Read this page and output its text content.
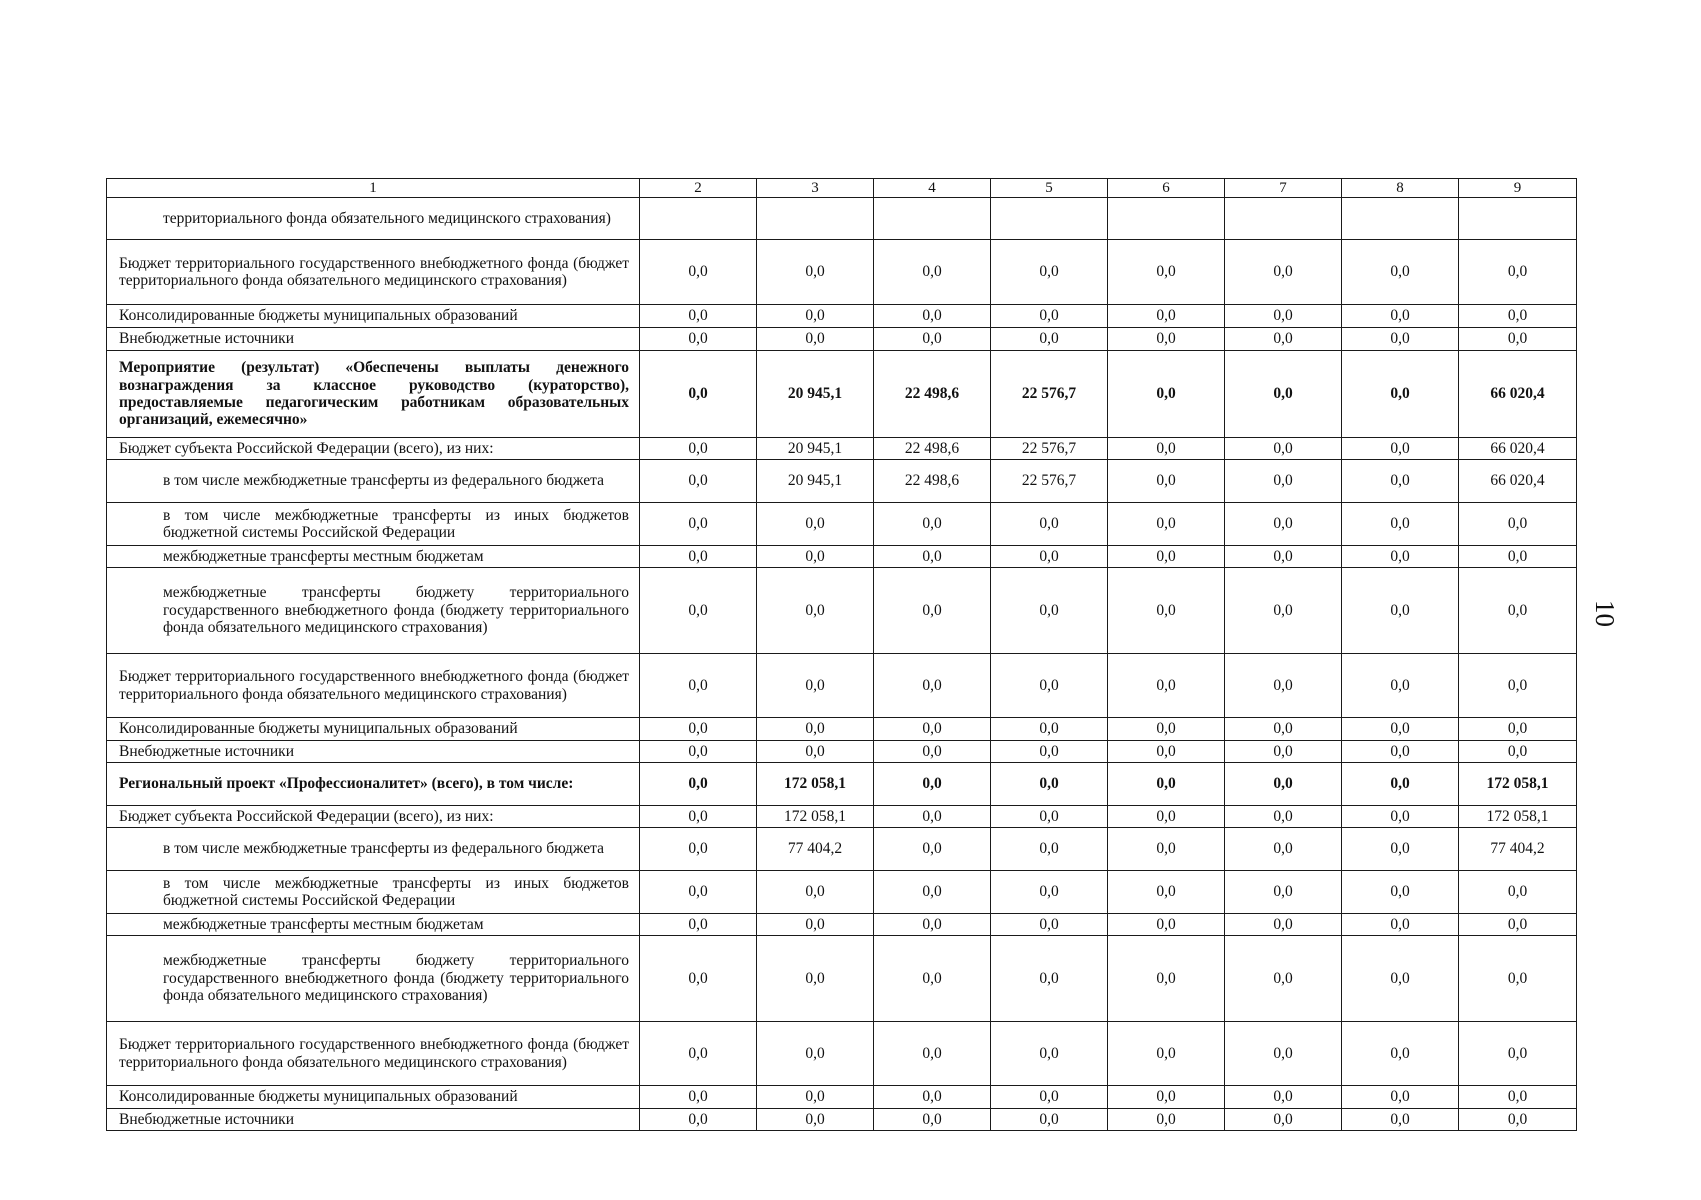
10
1	2	3	4	5	6	7	8	9
территориального фонда обязательного медицинского страхования)								
Бюджет территориального государственного внебюджетного фонда (бюджет территориального фонда обязательного медицинского страхования)	0,0	0,0	0,0	0,0	0,0	0,0	0,0	0,0
Консолидированные бюджеты муниципальных образований	0,0	0,0	0,0	0,0	0,0	0,0	0,0	0,0
Внебюджетные источники	0,0	0,0	0,0	0,0	0,0	0,0	0,0	0,0
Мероприятие (результат) «Обеспечены выплаты денежного вознаграждения за классное руководство (кураторство), предоставляемые педагогическим работникам образовательных организаций, ежемесячно»	0,0	20 945,1	22 498,6	22 576,7	0,0	0,0	0,0	66 020,4
Бюджет субъекта Российской Федерации (всего), из них:	0,0	20 945,1	22 498,6	22 576,7	0,0	0,0	0,0	66 020,4
в том числе межбюджетные трансферты из федерального бюджета	0,0	20 945,1	22 498,6	22 576,7	0,0	0,0	0,0	66 020,4
в том числе межбюджетные трансферты из иных бюджетов бюджетной системы Российской Федерации	0,0	0,0	0,0	0,0	0,0	0,0	0,0	0,0
межбюджетные трансферты местным бюджетам	0,0	0,0	0,0	0,0	0,0	0,0	0,0	0,0
межбюджетные трансферты бюджету территориального государственного внебюджетного фонда (бюджету территориального фонда обязательного медицинского страхования)	0,0	0,0	0,0	0,0	0,0	0,0	0,0	0,0
Бюджет территориального государственного внебюджетного фонда (бюджет территориального фонда обязательного медицинского страхования)	0,0	0,0	0,0	0,0	0,0	0,0	0,0	0,0
Консолидированные бюджеты муниципальных образований	0,0	0,0	0,0	0,0	0,0	0,0	0,0	0,0
Внебюджетные источники	0,0	0,0	0,0	0,0	0,0	0,0	0,0	0,0
Региональный проект «Профессионалитет» (всего), в том числе:	0,0	172 058,1	0,0	0,0	0,0	0,0	0,0	172 058,1
Бюджет субъекта Российской Федерации (всего), из них:	0,0	172 058,1	0,0	0,0	0,0	0,0	0,0	172 058,1
в том числе межбюджетные трансферты из федерального бюджета	0,0	77 404,2	0,0	0,0	0,0	0,0	0,0	77 404,2
в том числе межбюджетные трансферты из иных бюджетов бюджетной системы Российской Федерации	0,0	0,0	0,0	0,0	0,0	0,0	0,0	0,0
межбюджетные трансферты местным бюджетам	0,0	0,0	0,0	0,0	0,0	0,0	0,0	0,0
межбюджетные трансферты бюджету территориального государственного внебюджетного фонда (бюджету территориального фонда обязательного медицинского страхования)	0,0	0,0	0,0	0,0	0,0	0,0	0,0	0,0
Бюджет территориального государственного внебюджетного фонда (бюджет территориального фонда обязательного медицинского страхования)	0,0	0,0	0,0	0,0	0,0	0,0	0,0	0,0
Консолидированные бюджеты муниципальных образований	0,0	0,0	0,0	0,0	0,0	0,0	0,0	0,0
Внебюджетные источники	0,0	0,0	0,0	0,0	0,0	0,0	0,0	0,0
